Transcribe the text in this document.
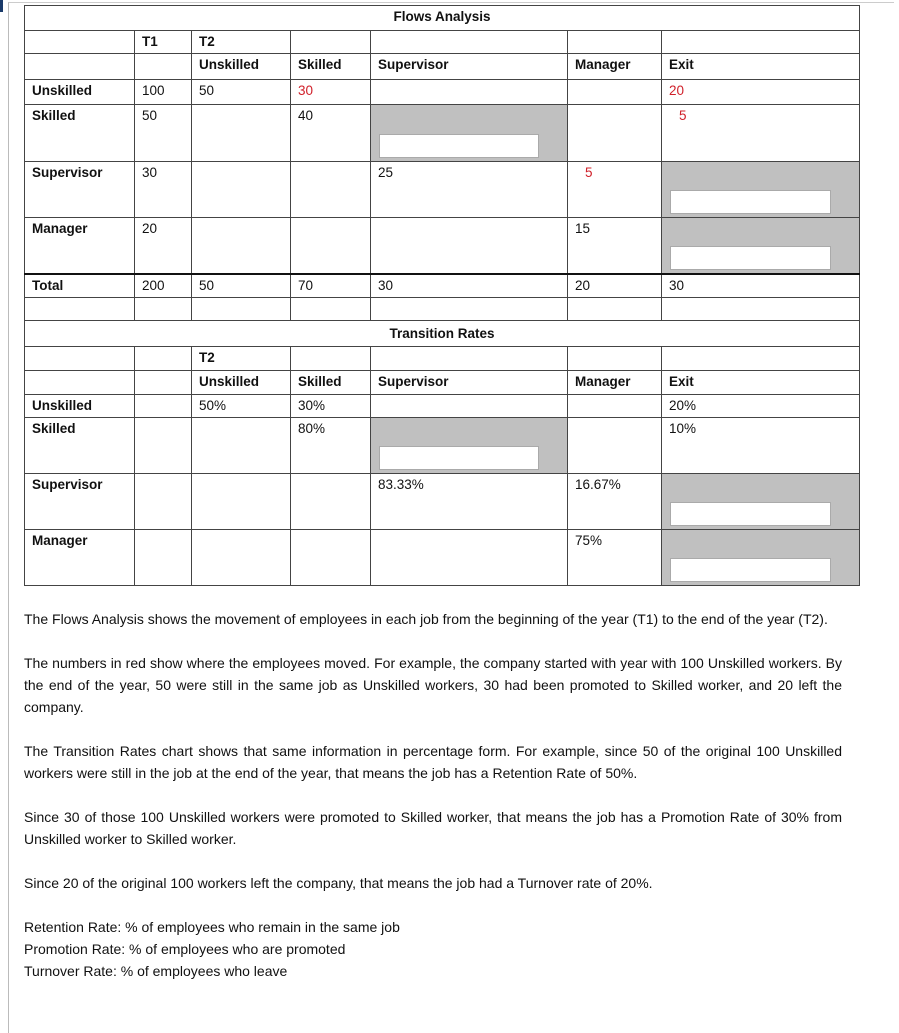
Flows Analysis						
	T1	T2				
		Unskilled	Skilled	Supervisor	Manager	Exit
Unskilled	100	50	30			20
Skilled	50		40			5
Supervisor	30			25	5	

Manager	20				15	

Total	200	50	70	30	20	30

Transition Rates						
		T2				
		Unskilled	Skilled	Supervisor	Manager	Exit
Unskilled		50%	30%			20%
Skilled			80%			10%
Supervisor				83.33%	16.67%	

Manager					75%	

The Flows Analysis shows the movement of employees in each job from the beginning of the year (T1) to the end of the year (T2).

The numbers in red show where the employees moved. For example, the company started with year with 100 Unskilled workers. By the end of the year, 50 were still in the same job as Unskilled workers, 30 had been promoted to Skilled worker, and 20 left the company.

The Transition Rates chart shows that same information in percentage form. For example, since 50 of the original 100 Unskilled workers were still in the job at the end of the year, that means the job has a Retention Rate of 50%.

Since 30 of those 100 Unskilled workers were promoted to Skilled worker, that means the job has a Promotion Rate of 30% from Unskilled worker to Skilled worker.

Since 20 of the original 100 workers left the company, that means the job had a Turnover rate of 20%.

Retention Rate: % of employees who remain in the same job
Promotion Rate: % of employees who are promoted
Turnover Rate: % of employees who leave
